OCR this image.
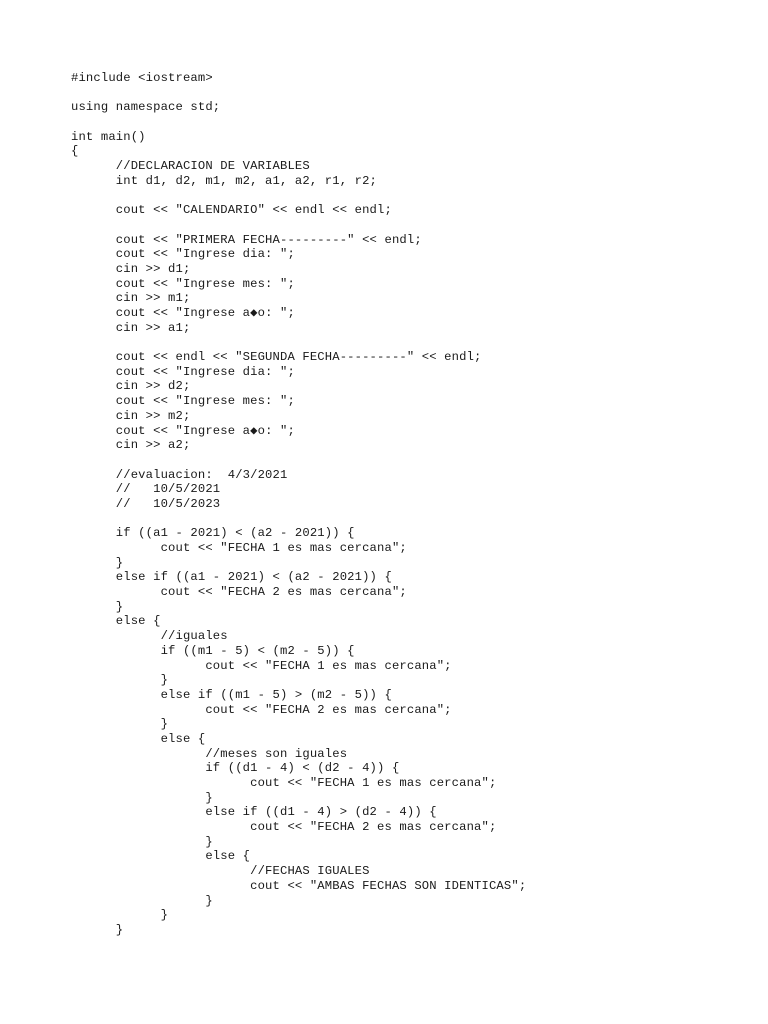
#include <iostream>
using namespace std;
int main()
{
//DECLARACION DE VARIABLES
int d1, d2, m1, m2, a1, a2, r1, r2;
cout << "CALENDARIO" << endl << endl;
cout << "PRIMERA FECHA---------" << endl;
cout << "Ingrese dia: ";
cin >> d1;
cout << "Ingrese mes: ";
cin >> m1;
cout << "Ingrese a◆o: ";
cin >> a1;
cout << endl << "SEGUNDA FECHA---------" << endl;
cout << "Ingrese dia: ";
cin >> d2;
cout << "Ingrese mes: ";
cin >> m2;
cout << "Ingrese a◆o: ";
cin >> a2;
//evaluacion:  4/3/2021
//   10/5/2021
//   10/5/2023
if ((a1 - 2021) < (a2 - 2021)) {
cout << "FECHA 1 es mas cercana";
}
else if ((a1 - 2021) < (a2 - 2021)) {
cout << "FECHA 2 es mas cercana";
}
else {
//iguales
if ((m1 - 5) < (m2 - 5)) {
cout << "FECHA 1 es mas cercana";
}
else if ((m1 - 5) > (m2 - 5)) {
cout << "FECHA 2 es mas cercana";
}
else {
//meses son iguales
if ((d1 - 4) < (d2 - 4)) {
cout << "FECHA 1 es mas cercana";
}
else if ((d1 - 4) > (d2 - 4)) {
cout << "FECHA 2 es mas cercana";
}
else {
//FECHAS IGUALES
cout << "AMBAS FECHAS SON IDENTICAS";
}
}
}
